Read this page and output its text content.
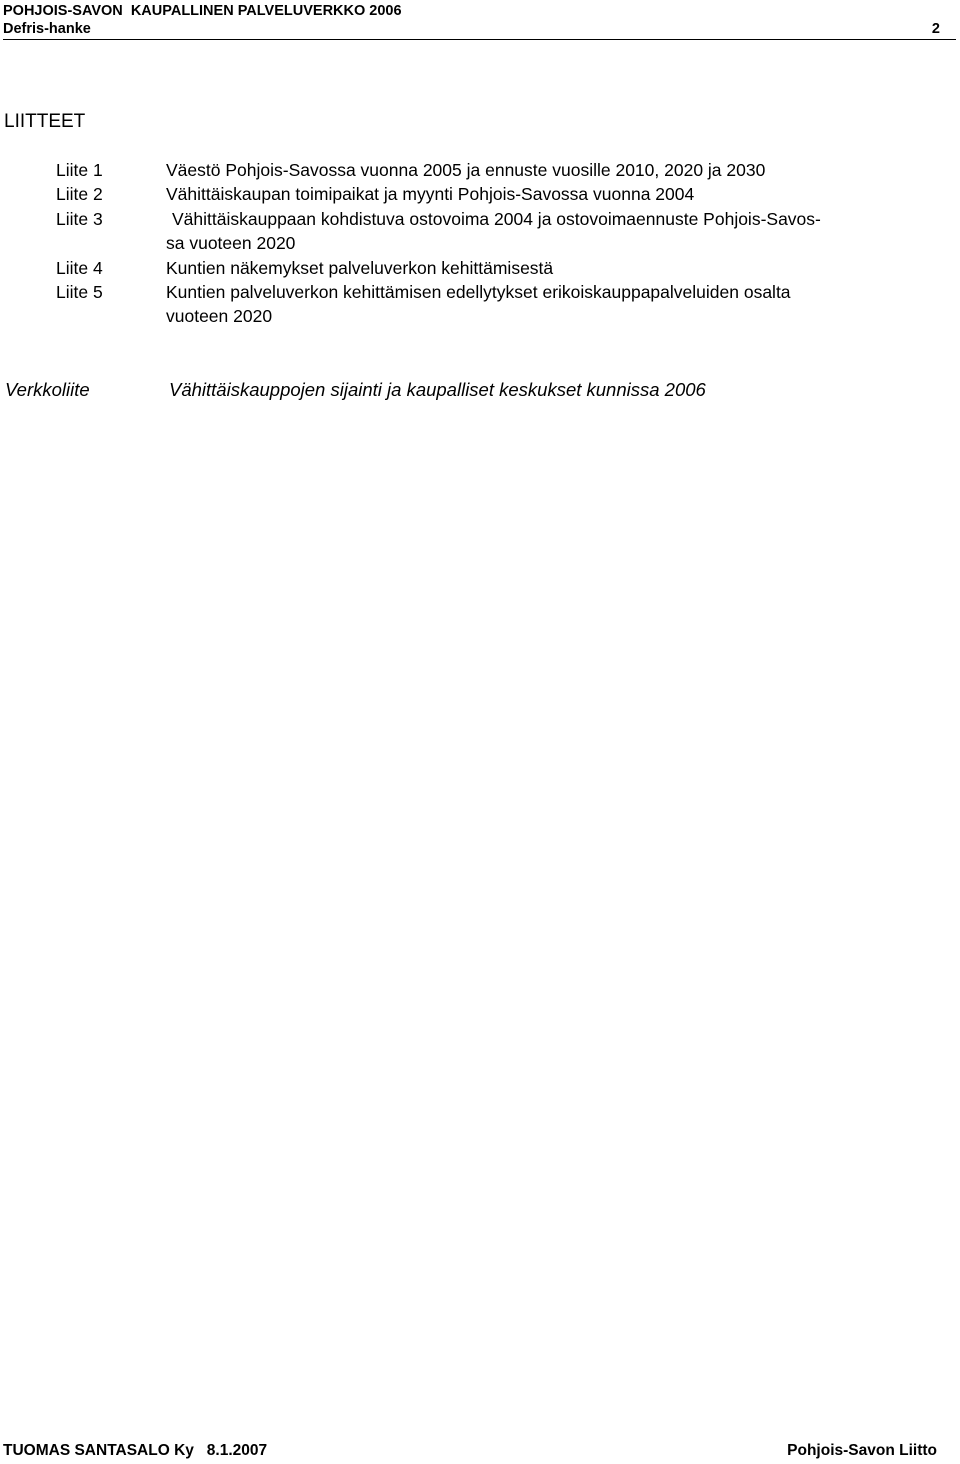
POHJOIS-SAVON  KAUPALLINEN PALVELUVERKKO 2006
Defris-hanke	2
LIITTEET
Liite 1	Väestö Pohjois-Savossa vuonna 2005 ja ennuste vuosille 2010, 2020 ja 2030
Liite 2	Vähittäiskaupan toimipaikat ja myynti Pohjois-Savossa vuonna 2004
Liite 3	Vähittäiskauppaan kohdistuva ostovoima 2004 ja ostovoimaennuste Pohjois-Savos-
sa vuoteen 2020
Liite 4	Kuntien näkemykset palveluverkon kehittämisestä
Liite 5	Kuntien palveluverkon kehittämisen edellytykset erikoiskauppapalveluiden osalta
vuoteen 2020
Verkkoliite	Vähittäiskauppojen sijainti ja kaupalliset keskukset kunnissa 2006
TUOMAS SANTASALO Ky   8.1.2007	Pohjois-Savon Liitto
